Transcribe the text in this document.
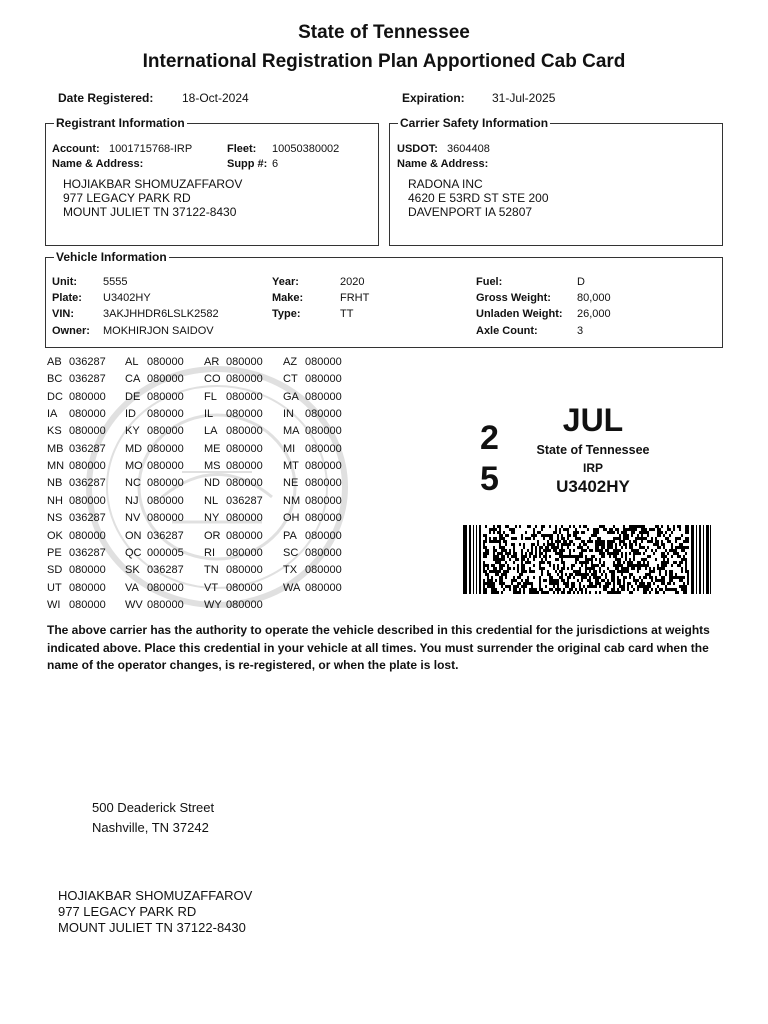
State of Tennessee
International Registration Plan Apportioned Cab Card
Date Registered: 18-Oct-2024	Expiration: 31-Jul-2025
Registrant Information
Account: 1001715768-IRP	Fleet: 10050380002
Name & Address:	Supp #: 6
HOJIAKBAR SHOMUZAFFAROV
977 LEGACY PARK RD
MOUNT JULIET TN 37122-8430
Carrier Safety Information
USDOT: 3604408
Name & Address:
RADONA INC
4620 E 53RD ST STE 200
DAVENPORT IA 52807
Vehicle Information
Unit: 5555
Plate: U3402HY
VIN:	3AKJHHDR6LSLK2582
Owner: MOKHIRJON SAIDOV
Year:	2020
Make:	FRHT
Type:	TT
Fuel:	D
Gross Weight: 80,000
Unladen Weight: 26,000
Axle Count:	3
AB 036287 AL 080000 AR 080000 AZ 080000
BC 036287 CA 080000 CO 080000 CT 080000
DC 080000 DE 080000 FL 080000 GA 080000
IA 080000 ID 080000 IL 080000 IN 080000
KS 080000 KY 080000 LA 080000 MA 080000
MB 036287 MD 080000 ME 080000 MI 080000
MN 080000 MO 080000 MS 080000 MT 080000
NB 036287 NC 080000 ND 080000 NE 080000
NH 080000 NJ 080000 NL 036287 NM 080000
NS 036287 NV 080000 NY 080000 OH 080000
OK 080000 ON 036287 OR 080000 PA 080000
PE 036287 QC 000005 RI 080000 SC 080000
SD 080000 SK 036287 TN 080000 TX 080000
UT 080000 VA 080000 VT 080000 WA 080000
WI 080000 WV 080000 WY 080000
2
5
JUL
State of Tennessee
IRP
U3402HY
The above carrier has the authority to operate the vehicle described in this credential for the jurisdictions at weights indicated above. Place this credential in your vehicle at all times. You must surrender the original cab card when the name of the operator changes, is re-registered, or when the plate is lost.
500 Deaderick Street
Nashville, TN 37242
HOJIAKBAR SHOMUZAFFAROV
977 LEGACY PARK RD
MOUNT JULIET TN 37122-8430
